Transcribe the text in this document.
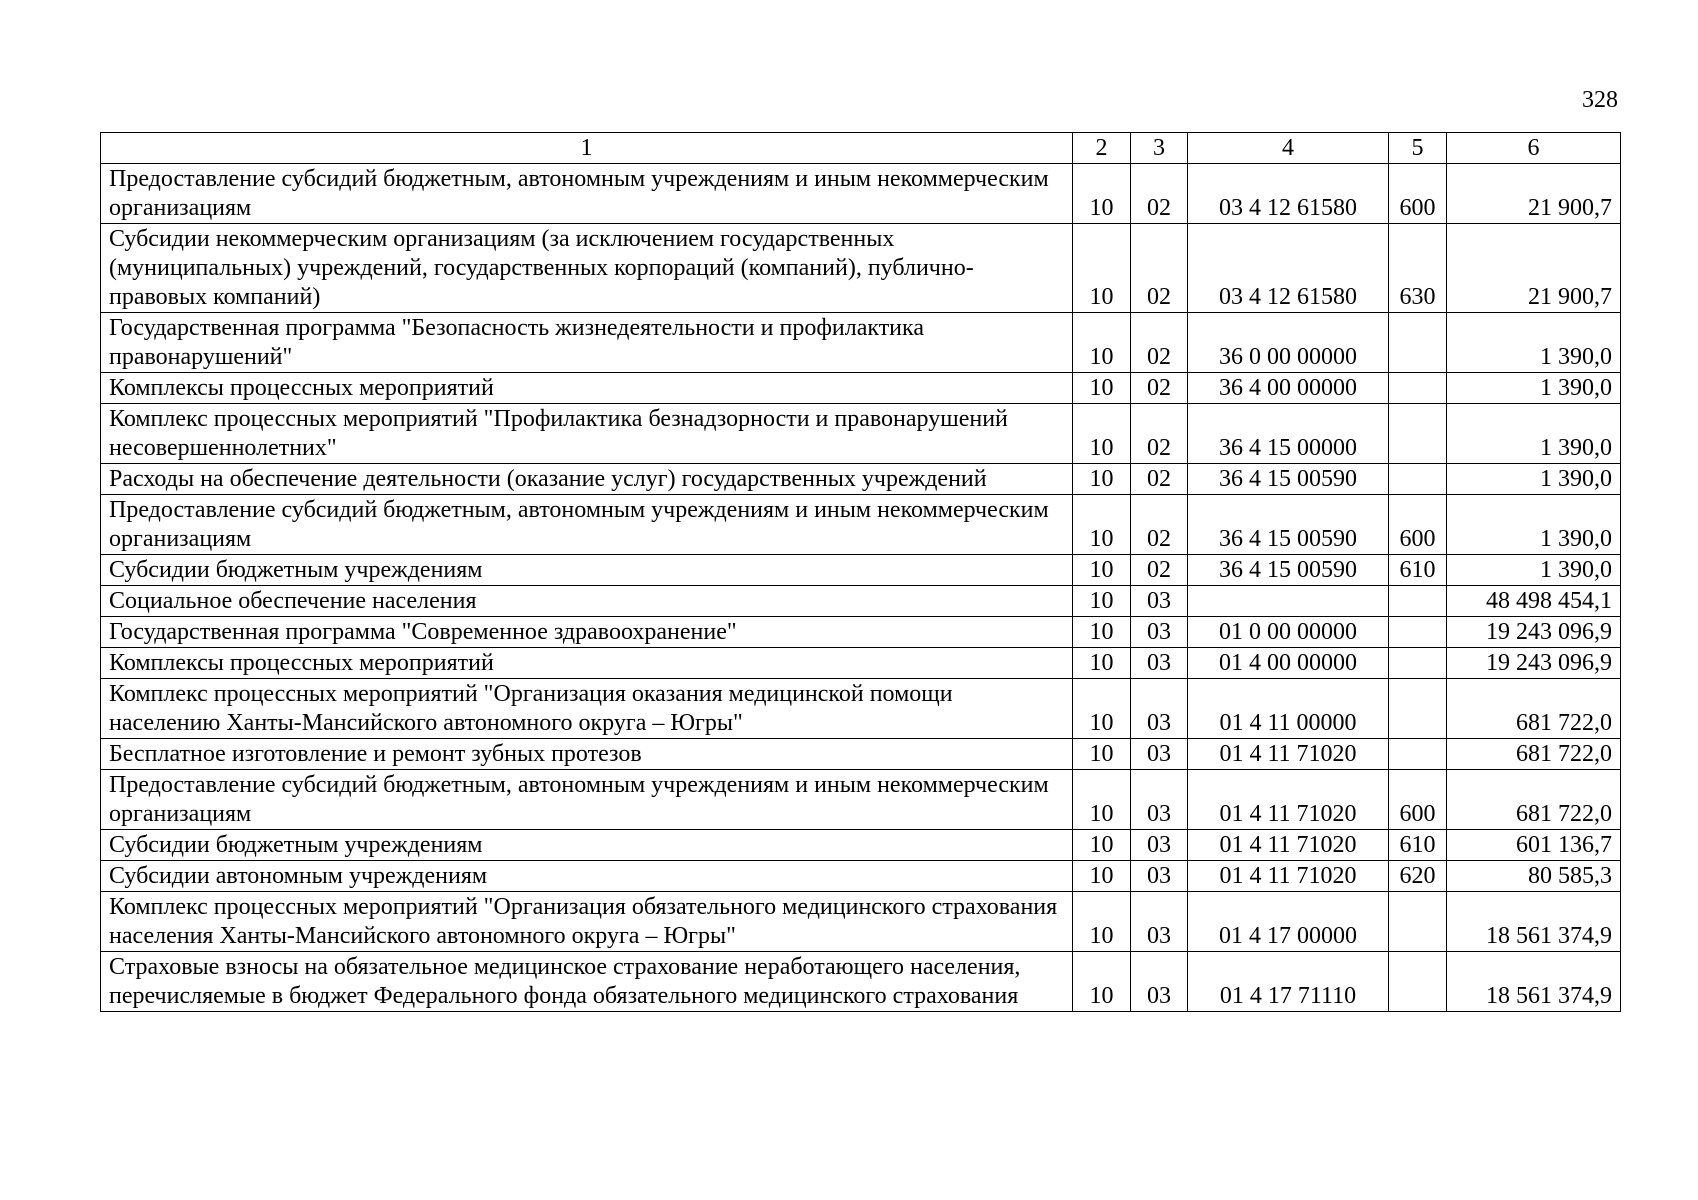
328
1	2	3	4	5	6
Предоставление субсидий бюджетным, автономным учреждениям и иным некоммерческим организациям	10	02	03 4 12 61580	600	21 900,7
Субсидии некоммерческим организациям (за исключением государственных (муниципальных) учреждений, государственных корпораций (компаний), публично-правовых компаний)	10	02	03 4 12 61580	630	21 900,7
Государственная программа "Безопасность жизнедеятельности и профилактика правонарушений"	10	02	36 0 00 00000		1 390,0
Комплексы процессных мероприятий	10	02	36 4 00 00000		1 390,0
Комплекс процессных мероприятий "Профилактика безнадзорности и правонарушений несовершеннолетних"	10	02	36 4 15 00000		1 390,0
Расходы на обеспечение деятельности (оказание услуг) государственных учреждений	10	02	36 4 15 00590		1 390,0
Предоставление субсидий бюджетным, автономным учреждениям и иным некоммерческим организациям	10	02	36 4 15 00590	600	1 390,0
Субсидии бюджетным учреждениям	10	02	36 4 15 00590	610	1 390,0
Социальное обеспечение населения	10	03			48 498 454,1
Государственная программа "Современное здравоохранение"	10	03	01 0 00 00000		19 243 096,9
Комплексы процессных мероприятий	10	03	01 4 00 00000		19 243 096,9
Комплекс процессных мероприятий "Организация оказания медицинской помощи населению Ханты-Мансийского автономного округа – Югры"	10	03	01 4 11 00000		681 722,0
Бесплатное изготовление и ремонт зубных протезов	10	03	01 4 11 71020		681 722,0
Предоставление субсидий бюджетным, автономным учреждениям и иным некоммерческим организациям	10	03	01 4 11 71020	600	681 722,0
Субсидии бюджетным учреждениям	10	03	01 4 11 71020	610	601 136,7
Субсидии автономным учреждениям	10	03	01 4 11 71020	620	80 585,3
Комплекс процессных мероприятий "Организация обязательного медицинского страхования населения Ханты-Мансийского автономного округа – Югры"	10	03	01 4 17 00000		18 561 374,9
Страховые взносы на обязательное медицинское страхование неработающего населения, перечисляемые в бюджет Федерального фонда обязательного медицинского страхования	10	03	01 4 17 71110		18 561 374,9
